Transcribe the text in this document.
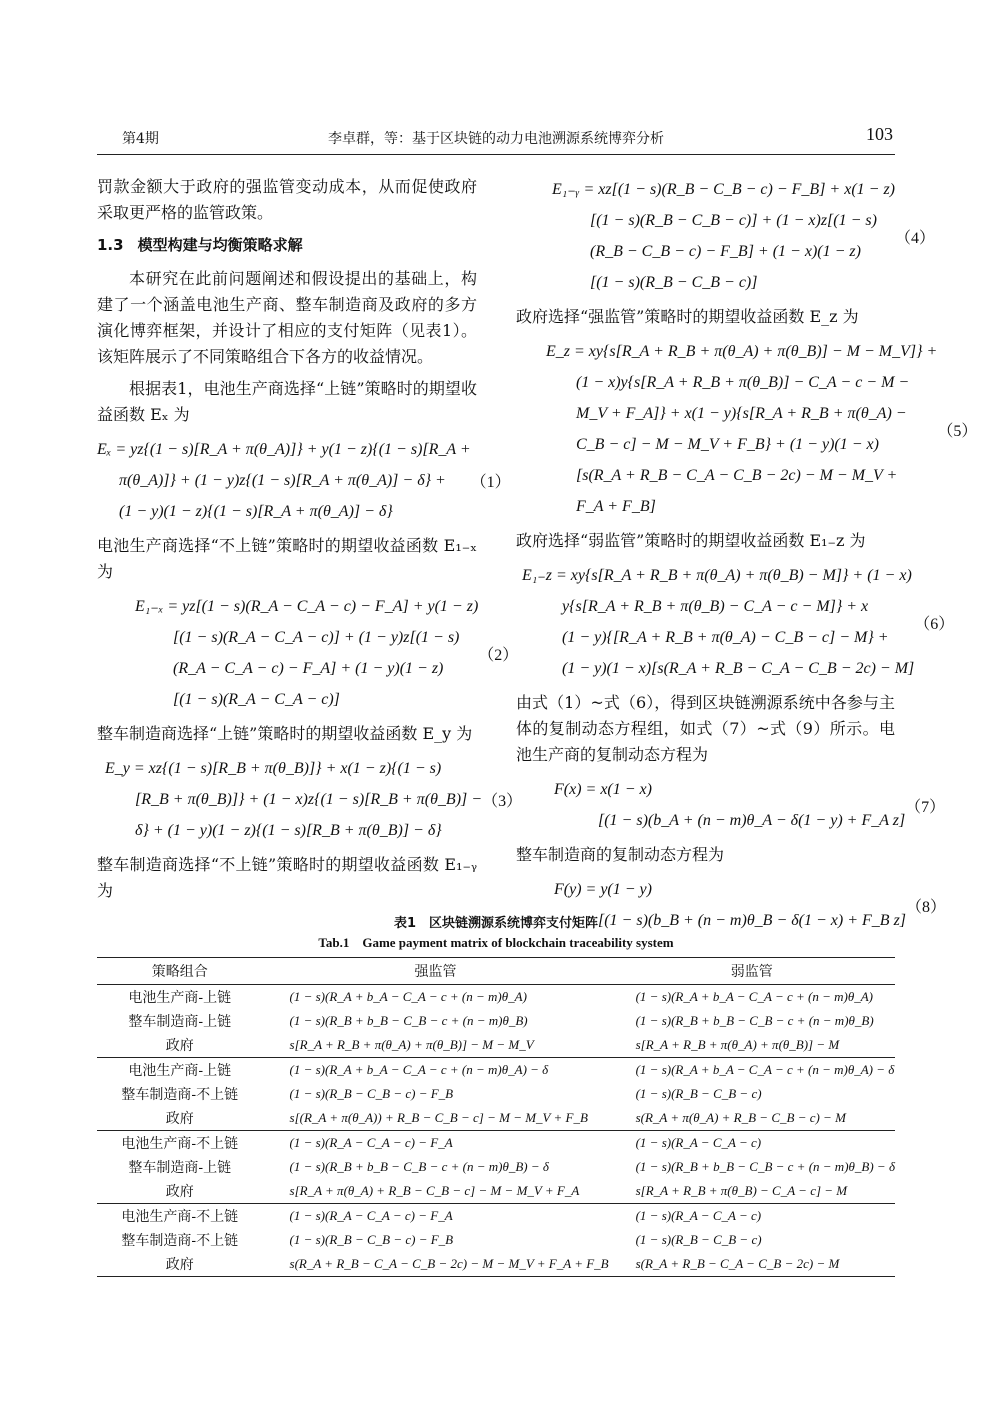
第4期	李卓群，等：基于区块链的动力电池溯源系统博弈分析	103

罚款金额大于政府的强监管变动成本，从而促使政府采取更严格的监管政策。

1.3 模型构建与均衡策略求解

本研究在此前问题阐述和假设提出的基础上，构建了一个涵盖电池生产商、整车制造商及政府的多方演化博弈框架，并设计了相应的支付矩阵（见表1）。该矩阵展示了不同策略组合下各方的收益情况。

根据表1，电池生产商选择“上链”策略时的期望收益函数 Eₓ 为

Eₓ = yz{(1 − s)[R_A + π(θ_A)]} + y(1 − z){(1 − s)[R_A +
π(θ_A)]} + (1 − y)z{(1 − s)[R_A + π(θ_A)] − δ} +
(1 − y)(1 − z){(1 − s)[R_A + π(θ_A)] − δ}
（1）

电池生产商选择“不上链”策略时的期望收益函数 E₁₋ₓ 为

E₁₋ₓ = yz[(1 − s)(R_A − C_A − c) − F_A] + y(1 − z)
[(1 − s)(R_A − C_A − c)] + (1 − y)z[(1 − s)
(R_A − C_A − c) − F_A] + (1 − y)(1 − z)
[(1 − s)(R_A − C_A − c)]
（2）

整车制造商选择“上链”策略时的期望收益函数 E_y 为

E_y = xz{(1 − s)[R_B + π(θ_B)]} + x(1 − z){(1 − s)
[R_B + π(θ_B)]} + (1 − x)z{(1 − s)[R_B + π(θ_B)] −
δ} + (1 − y)(1 − z){(1 − s)[R_B + π(θ_B)] − δ}
（3）

整车制造商选择“不上链”策略时的期望收益函数 E₁₋ᵧ 为

E₁₋ᵧ = xz[(1 − s)(R_B − C_B − c) − F_B] + x(1 − z)
[(1 − s)(R_B − C_B − c)] + (1 − x)z[(1 − s)
(R_B − C_B − c) − F_B] + (1 − x)(1 − z)
[(1 − s)(R_B − C_B − c)]
（4）

政府选择“强监管”策略时的期望收益函数 E_z 为

E_z = xy{s[R_A + R_B + π(θ_A) + π(θ_B)] − M − M_V]} +
(1 − x)y{s[R_A + R_B + π(θ_B)] − C_A − c − M −
M_V + F_A]} + x(1 − y){s[R_A + R_B + π(θ_A) −
C_B − c] − M − M_V + F_B} + (1 − y)(1 − x)
[s(R_A + R_B − C_A − C_B − 2c) − M − M_V +
F_A + F_B]
（5）

政府选择“弱监管”策略时的期望收益函数 E₁₋z 为

E₁₋z = xy{s[R_A + R_B + π(θ_A) + π(θ_B) − M]} + (1 − x)
y{s[R_A + R_B + π(θ_B) − C_A − c − M]} + x
(1 − y){[R_A + R_B + π(θ_A) − C_B − c] − M} +
(1 − y)(1 − x)[s(R_A + R_B − C_A − C_B − 2c) − M]
（6）

由式（1）~式（6），得到区块链溯源系统中各参与主体的复制动态方程组，如式（7）~式（9）所示。电池生产商的复制动态方程为

F(x) = x(1 − x)
[(1 − s)(b_A + (n − m)θ_A − δ(1 − y) + F_A z]
（7）

整车制造商的复制动态方程为

F(y) = y(1 − y)
[(1 − s)(b_B + (n − m)θ_B − δ(1 − x) + F_B z]
（8）
表1　区块链溯源系统博弈支付矩阵
Tab.1　Game payment matrix of blockchain traceability system
策略组合	强监管	弱监管
电池生产商-上链	(1 − s)(R_A + b_A − C_A − c + (n − m)θ_A)	(1 − s)(R_A + b_A − C_A − c + (n − m)θ_A)
整车制造商-上链	(1 − s)(R_B + b_B − C_B − c + (n − m)θ_B)	(1 − s)(R_B + b_B − C_B − c + (n − m)θ_B)
政府	s[R_A + R_B + π(θ_A) + π(θ_B)] − M − M_V	s[R_A + R_B + π(θ_A) + π(θ_B)] − M
电池生产商-上链	(1 − s)(R_A + b_A − C_A − c + (n − m)θ_A) − δ	(1 − s)(R_A + b_A − C_A − c + (n − m)θ_A) − δ
整车制造商-不上链	(1 − s)(R_B − C_B − c) − F_B	(1 − s)(R_B − C_B − c)
政府	s[(R_A + π(θ_A)) + R_B − C_B − c] − M − M_V + F_B	s(R_A + π(θ_A) + R_B − C_B − c) − M
电池生产商-不上链	(1 − s)(R_A − C_A − c) − F_A	(1 − s)(R_A − C_A − c)
整车制造商-上链	(1 − s)(R_B + b_B − C_B − c + (n − m)θ_B) − δ	(1 − s)(R_B + b_B − C_B − c + (n − m)θ_B) − δ
政府	s[R_A + π(θ_A) + R_B − C_B − c] − M − M_V + F_A	s[R_A + R_B + π(θ_B) − C_A − c] − M
电池生产商-不上链	(1 − s)(R_A − C_A − c) − F_A	(1 − s)(R_A − C_A − c)
整车制造商-不上链	(1 − s)(R_B − C_B − c) − F_B	(1 − s)(R_B − C_B − c)
政府	s(R_A + R_B − C_A − C_B − 2c) − M − M_V + F_A + F_B	s(R_A + R_B − C_A − C_B − 2c) − M
